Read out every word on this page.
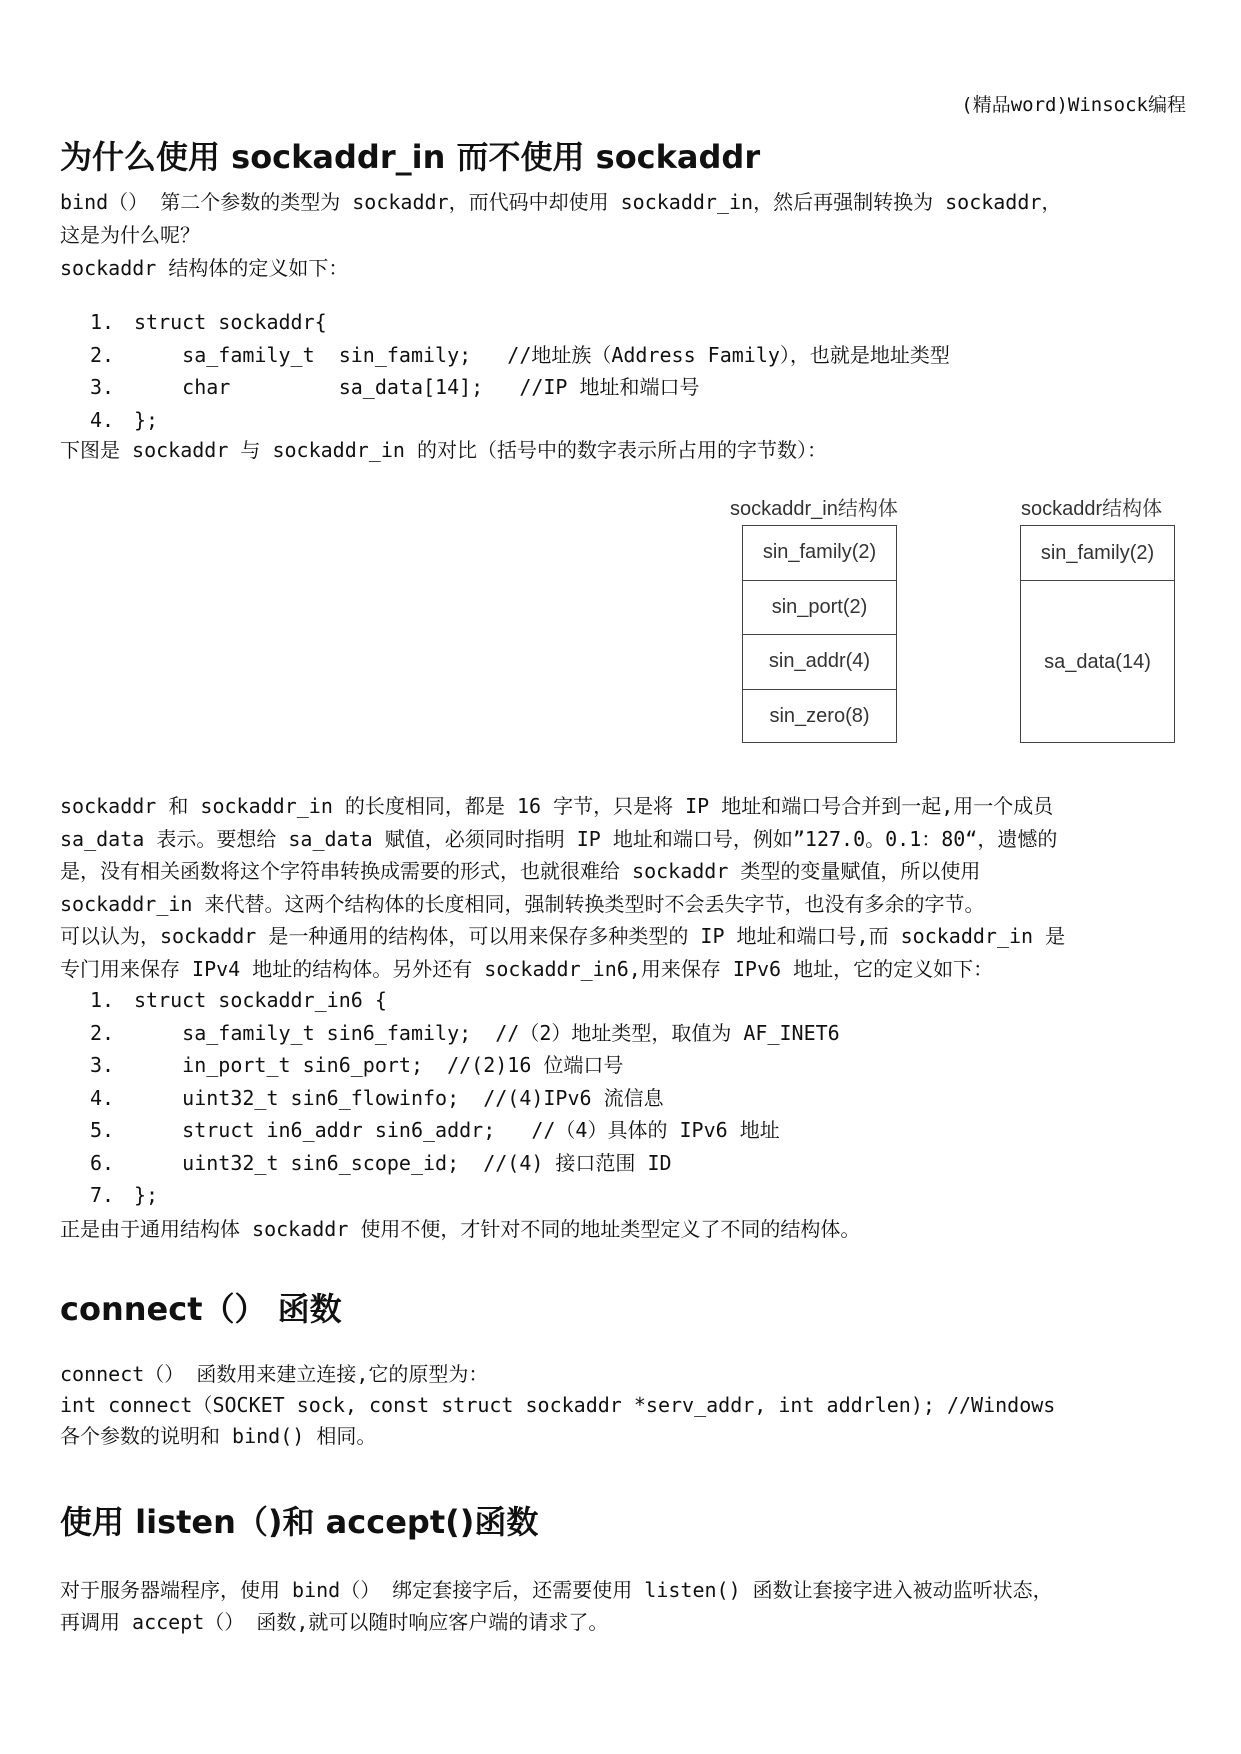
(精品word)Winsock编程
为什么使用 sockaddr_in 而不使用 sockaddr
bind（） 第二个参数的类型为 sockaddr，而代码中却使用 sockaddr_in，然后再强制转换为 sockaddr，
这是为什么呢？
sockaddr 结构体的定义如下：
1. struct sockaddr{
2. sa_family_t  sin_family;   //地址族（Address Family），也就是地址类型
3. char         sa_data[14];   //IP 地址和端口号
4. };
下图是 sockaddr 与 sockaddr_in 的对比（括号中的数字表示所占用的字节数）：
sockaddr_in结构体
sin_family(2)
sin_port(2)
sin_addr(4)
sin_zero(8)
sockaddr结构体
sin_family(2)
sa_data(14)
sockaddr 和 sockaddr_in 的长度相同，都是 16 字节，只是将 IP 地址和端口号合并到一起,用一个成员
sa_data 表示。要想给 sa_data 赋值，必须同时指明 IP 地址和端口号，例如”127.0。0.1：80“，遗憾的
是，没有相关函数将这个字符串转换成需要的形式，也就很难给 sockaddr 类型的变量赋值，所以使用
sockaddr_in 来代替。这两个结构体的长度相同，强制转换类型时不会丢失字节，也没有多余的字节。
可以认为，sockaddr 是一种通用的结构体，可以用来保存多种类型的 IP 地址和端口号,而 sockaddr_in 是
专门用来保存 IPv4 地址的结构体。另外还有 sockaddr_in6,用来保存 IPv6 地址，它的定义如下：
1. struct sockaddr_in6 {
2. sa_family_t sin6_family;  //（2）地址类型，取值为 AF_INET6
3. in_port_t sin6_port;  //(2)16 位端口号
4. uint32_t sin6_flowinfo;  //(4)IPv6 流信息
5. struct in6_addr sin6_addr;   //（4）具体的 IPv6 地址
6. uint32_t sin6_scope_id;  //(4) 接口范围 ID
7. };
正是由于通用结构体 sockaddr 使用不便，才针对不同的地址类型定义了不同的结构体。
connect（） 函数
connect（） 函数用来建立连接,它的原型为：
int connect（SOCKET sock, const struct sockaddr *serv_addr, int addrlen); //Windows
各个参数的说明和 bind() 相同。
使用 listen（)和 accept()函数
对于服务器端程序，使用 bind（） 绑定套接字后，还需要使用 listen() 函数让套接字进入被动监听状态，
再调用 accept（） 函数,就可以随时响应客户端的请求了。
